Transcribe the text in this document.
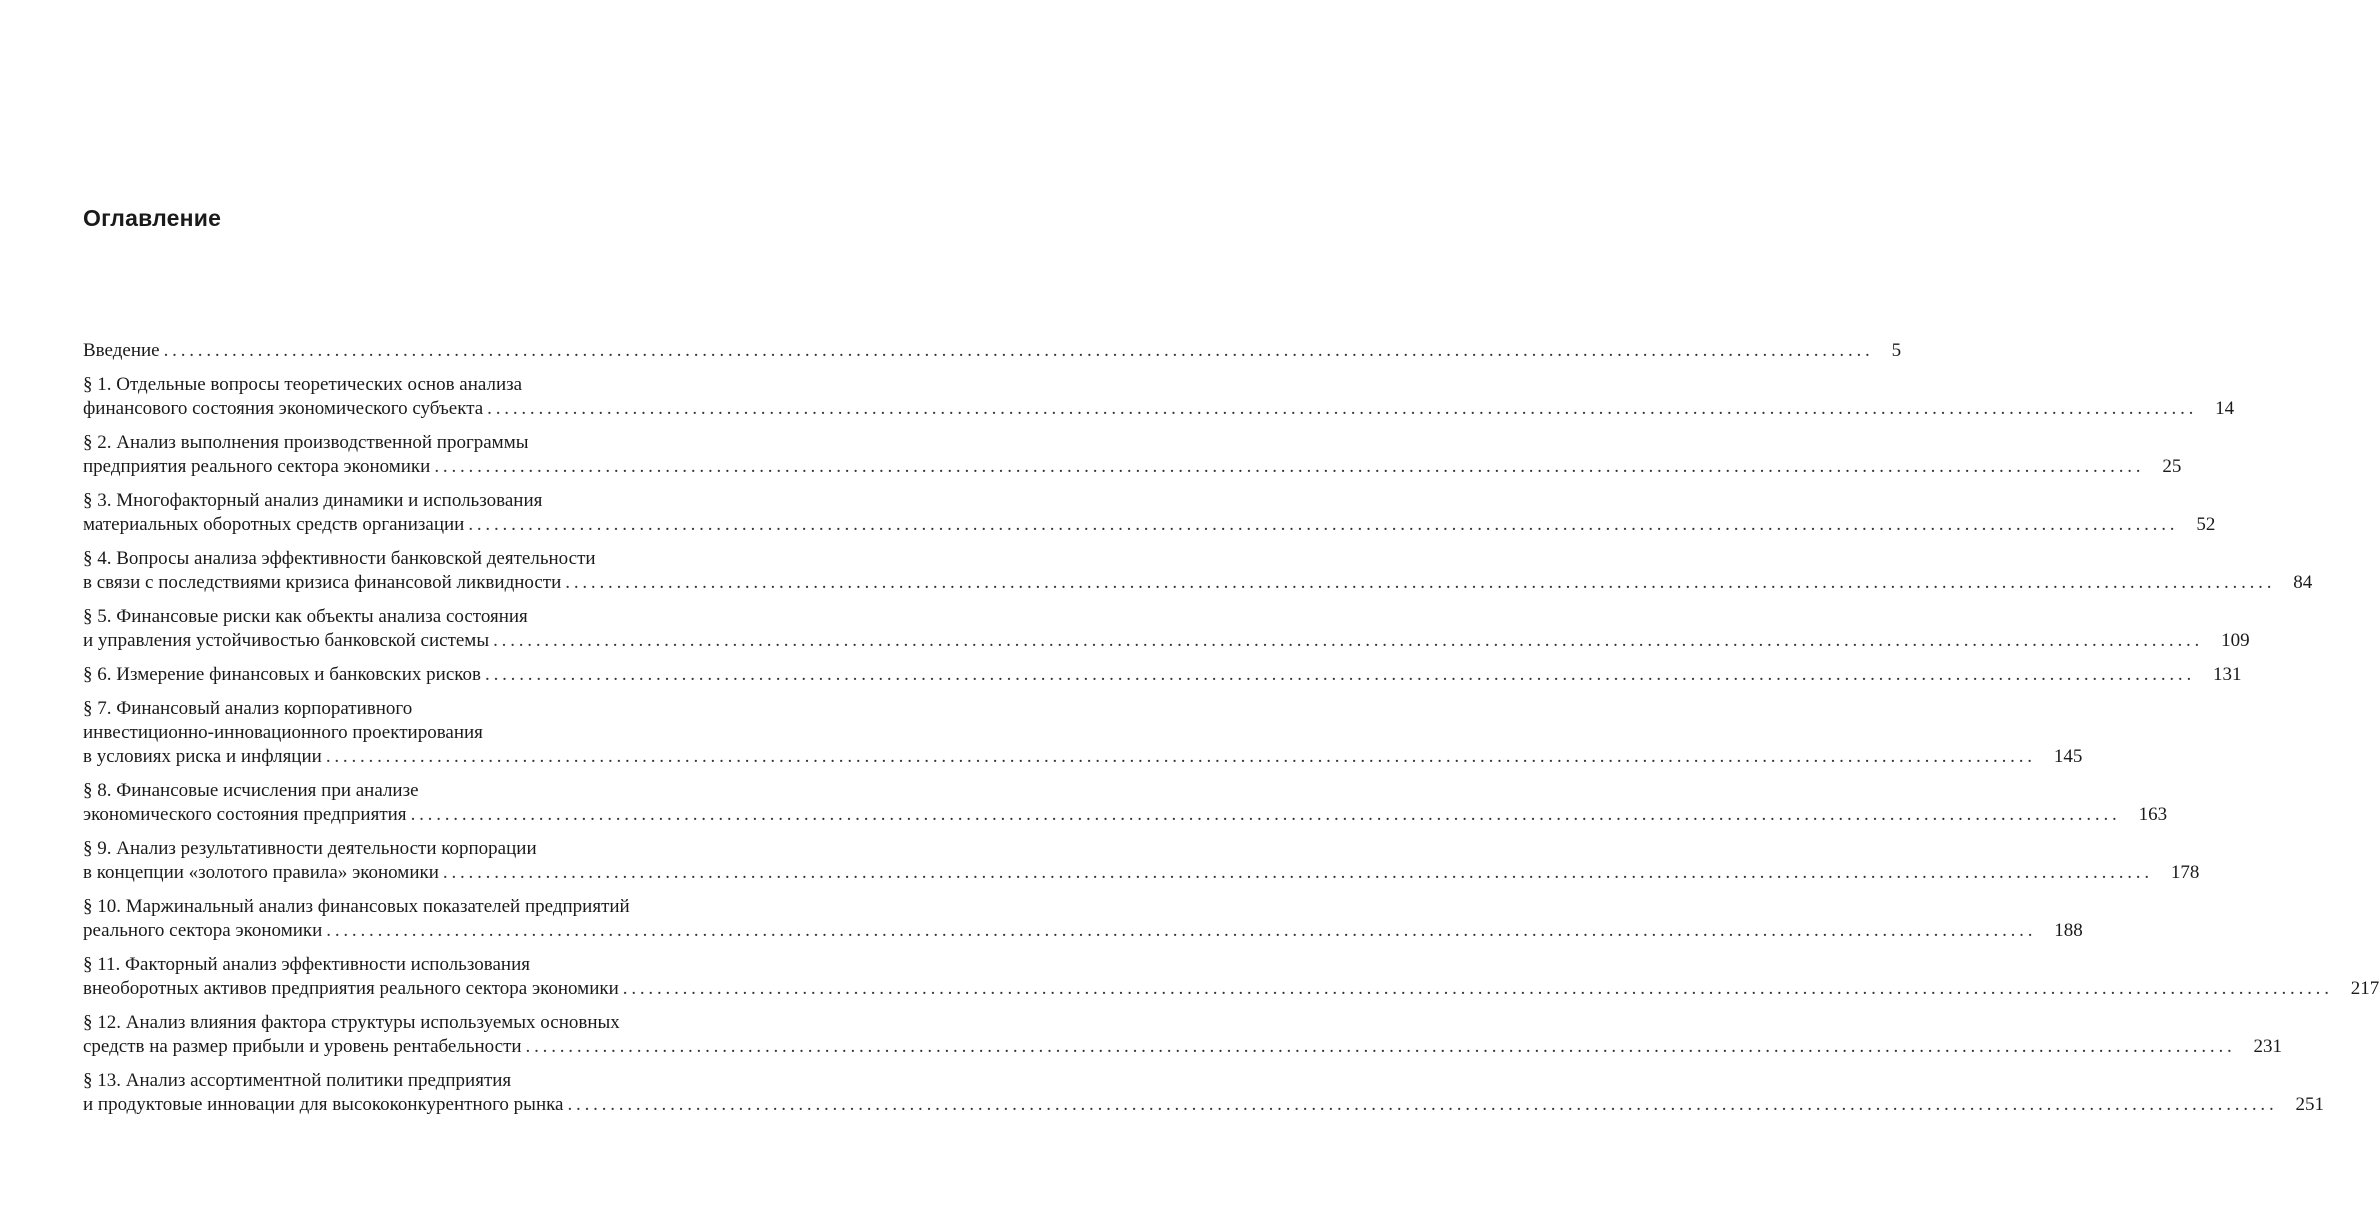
Оглавление
Введение ........................................................................................................................................................................................................ 5
§ 1. Отдельные вопросы теоретических основ анализа
финансового состояния экономического субъекта ........................................................................................................................................................................................................ 14
§ 2. Анализ выполнения производственной программы
предприятия реального сектора экономики ........................................................................................................................................................................................................ 25
§ 3. Многофакторный анализ динамики и использования
материальных оборотных средств организации ........................................................................................................................................................................................................ 52
§ 4. Вопросы анализа эффективности банковской деятельности
в связи с последствиями кризиса финансовой ликвидности ........................................................................................................................................................................................................ 84
§ 5. Финансовые риски как объекты анализа состояния
и управления устойчивостью банковской системы ........................................................................................................................................................................................................ 109
§ 6. Измерение финансовых и банковских рисков ........................................................................................................................................................................................................ 131
§ 7. Финансовый анализ корпоративного
инвестиционно-инновационного проектирования
в условиях риска и инфляции ........................................................................................................................................................................................................ 145
§ 8. Финансовые исчисления при анализе
экономического состояния предприятия ........................................................................................................................................................................................................ 163
§ 9. Анализ результативности деятельности корпорации
в концепции «золотого правила» экономики ........................................................................................................................................................................................................ 178
§ 10. Маржинальный анализ финансовых показателей предприятий
реального сектора экономики ........................................................................................................................................................................................................ 188
§ 11. Факторный анализ эффективности использования
внеоборотных активов предприятия реального сектора экономики ........................................................................................................................................................................................................ 217
§ 12. Анализ влияния фактора структуры используемых основных
средств на размер прибыли и уровень рентабельности ........................................................................................................................................................................................................ 231
§ 13. Анализ ассортиментной политики предприятия
и продуктовые инновации для высококонкурентного рынка ........................................................................................................................................................................................................ 251
